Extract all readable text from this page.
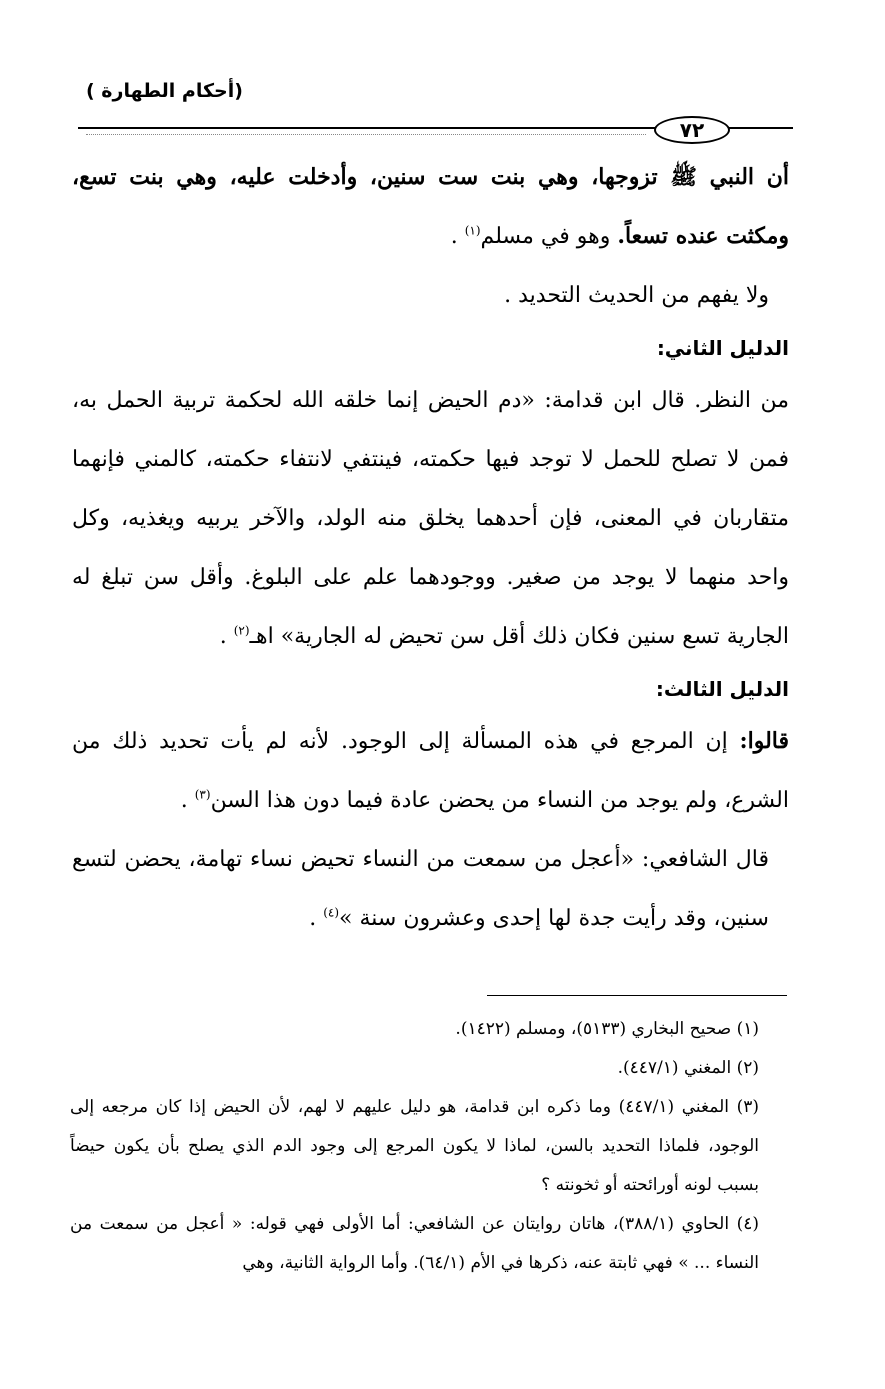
(أحكام الطهارة )
٧٢

أن النبي ﷺ تزوجها، وهي بنت ست سنين، وأدخلت عليه، وهي بنت تسع، ومكثت عنده تسعاً. وهو في مسلم$^{(١)}$ .

ولا يفهم من الحديث التحديد .

الدليل الثاني:

من النظر. قال ابن قدامة: «دم الحيض إنما خلقه الله لحكمة تربية الحمل به، فمن لا تصلح للحمل لا توجد فيها حكمته، فينتفي لانتفاء حكمته، كالمني فإنهما متقاربان في المعنى، فإن أحدهما يخلق منه الولد، والآخر يربيه ويغذيه، وكل واحد منهما لا يوجد من صغير. ووجودهما علم على البلوغ. وأقل سن تبلغ له الجارية تسع سنين فكان ذلك أقل سن تحيض له الجارية» اهـ$^{(٢)}$ .

الدليل الثالث:

قالوا: إن المرجع في هذه المسألة إلى الوجود. لأنه لم يأت تحديد ذلك من الشرع، ولم يوجد من النساء من يحضن عادة فيما دون هذا السن$^{(٣)}$ .

قال الشافعي: «أعجل من سمعت من النساء تحيض نساء تهامة، يحضن لتسع سنين، وقد رأيت جدة لها إحدى وعشرون سنة »$^{(٤)}$ .

(١) صحيح البخاري (٥١٣٣)، ومسلم (١٤٢٢).

(٢) المغني (٤٤٧/١).

(٣) المغني (٤٤٧/١) وما ذكره ابن قدامة، هو دليل عليهم لا لهم، لأن الحيض إذا كان مرجعه إلى الوجود، فلماذا التحديد بالسن، لماذا لا يكون المرجع إلى وجود الدم الذي يصلح بأن يكون حيضاً بسبب لونه أورائحته أو ثخونته ؟

(٤) الحاوي (٣٨٨/١)، هاتان روايتان عن الشافعي: أما الأولى فهي قوله: « أعجل من سمعت من النساء ... » فهي ثابتة عنه، ذكرها في الأم (٦٤/١). وأما الرواية الثانية، وهي
